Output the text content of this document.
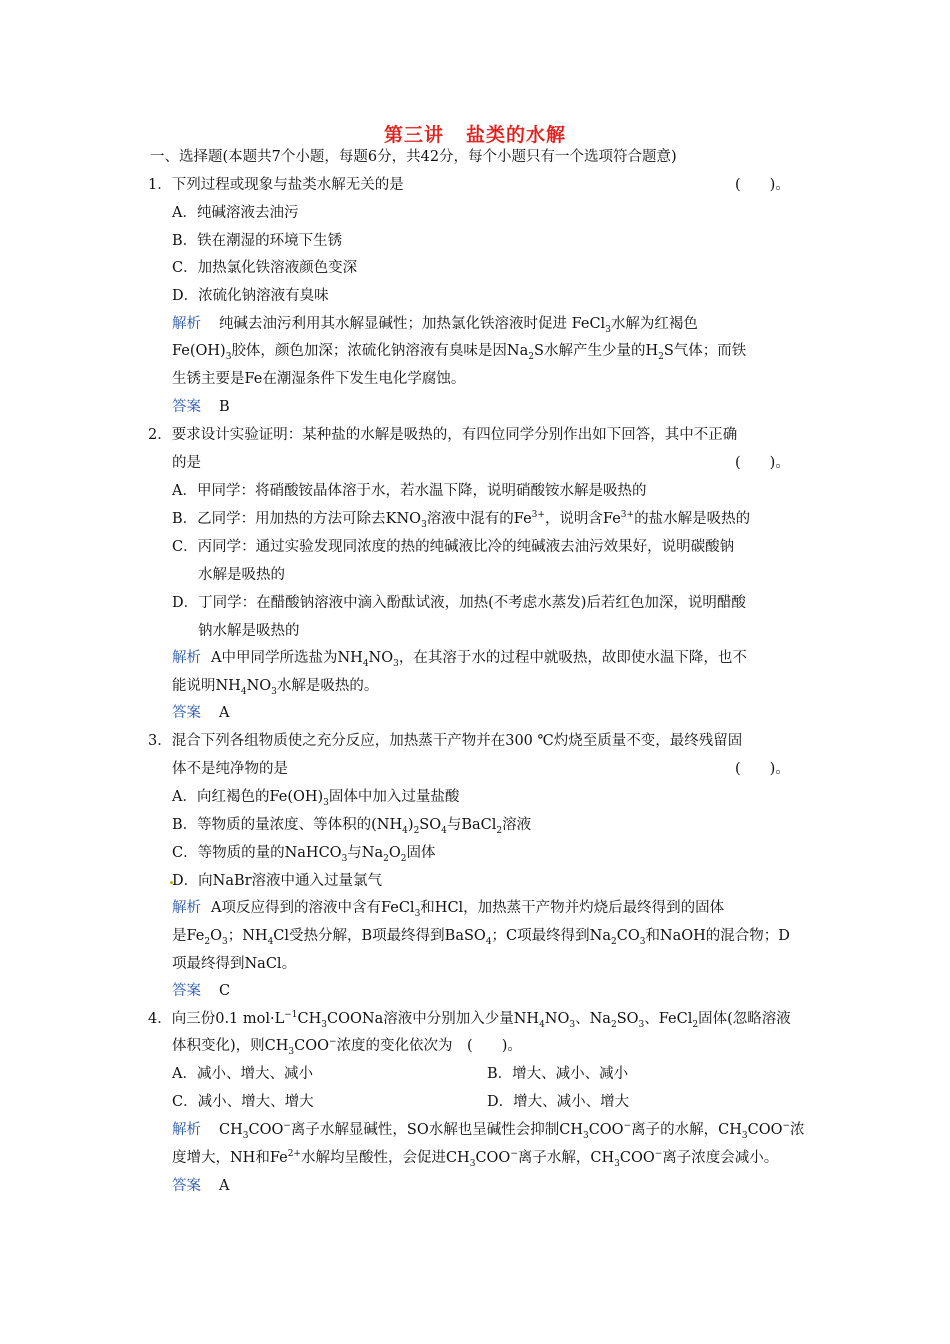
第三讲 盐类的水解
一、选择题(本题共7个小题，每题6分，共42分，每个小题只有一个选项符合题意)
1．下列过程或现象与盐类水解无关的是	(　　)。
A．纯碱溶液去油污
B．铁在潮湿的环境下生锈
C．加热氯化铁溶液颜色变深
D．浓硫化钠溶液有臭味
解析 纯碱去油污利用其水解显碱性；加热氯化铁溶液时促进 FeCl$_3$水解为红褐色
$Fe(OH)_3$胶体，颜色加深；浓硫化钠溶液有臭味是因$Na_2S$水解产生少量的$H_2S$气体；而铁
生锈主要是Fe在潮湿条件下发生电化学腐蚀。
答案 B
2．要求设计实验证明：某种盐的水解是吸热的，有四位同学分别作出如下回答，其中不正确
的是	(　　)。
A．甲同学：将硝酸铵晶体溶于水，若水温下降，说明硝酸铵水解是吸热的
B．乙同学：用加热的方法可除去$KNO_3$溶液中混有的$Fe^{3+}$，说明含$Fe^{3+}$的盐水解是吸热的
C．丙同学：通过实验发现同浓度的热的纯碱液比冷的纯碱液去油污效果好，说明碳酸钠
水解是吸热的
D．丁同学：在醋酸钠溶液中滴入酚酞试液，加热(不考虑水蒸发)后若红色加深，说明醋酸
钠水解是吸热的
解析 A中甲同学所选盐为$NH_4NO_3$，在其溶于水的过程中就吸热，故即使水温下降，也不
能说明$NH_4NO_3$水解是吸热的。
答案 A
3．混合下列各组物质使之充分反应，加热蒸干产物并在300 ℃灼烧至质量不变，最终残留固
体不是纯净物的是	(　　)。
A．向红褐色的$Fe(OH)_3$固体中加入过量盐酸
B．等物质的量浓度、等体积的$(NH_4)_2SO_4$与BaCl$_2$溶液
C．等物质的量的NaHCO$_3$与$Na_2O_2$固体
D．向NaBr溶液中通入过量氯气
解析 A项反应得到的溶液中含有FeCl$_3$和HCl，加热蒸干产物并灼烧后最终得到的固体
是$Fe_2O_3$；$NH_4Cl$受热分解，B项最终得到BaSO$_4$；C项最终得到$Na_2CO_3$和NaOH的混合物；D
项最终得到NaCl。
答案 C
4．向三份0.1 $mol\cdot L^{-1}CH_3COONa$溶液中分别加入少量$NH_4NO_3$、$Na_2SO_3$、FeCl$_2$固体(忽略溶液
体积变化)，则$CH_3COO^-$浓度的变化依次为　(　　)。
A．减小、增大、减小	B．增大、减小、减小
C．减小、增大、增大	D．增大、减小、增大
解析 $CH_3COO^-$离子水解显碱性，SO水解也呈碱性会抑制$CH_3COO^-$离子的水解，$CH_3COO^-$浓
度增大，NH和$Fe^{2+}$水解均呈酸性，会促进$CH_3COO^-$离子水解，$CH_3COO^-$离子浓度会减小。
答案 A
